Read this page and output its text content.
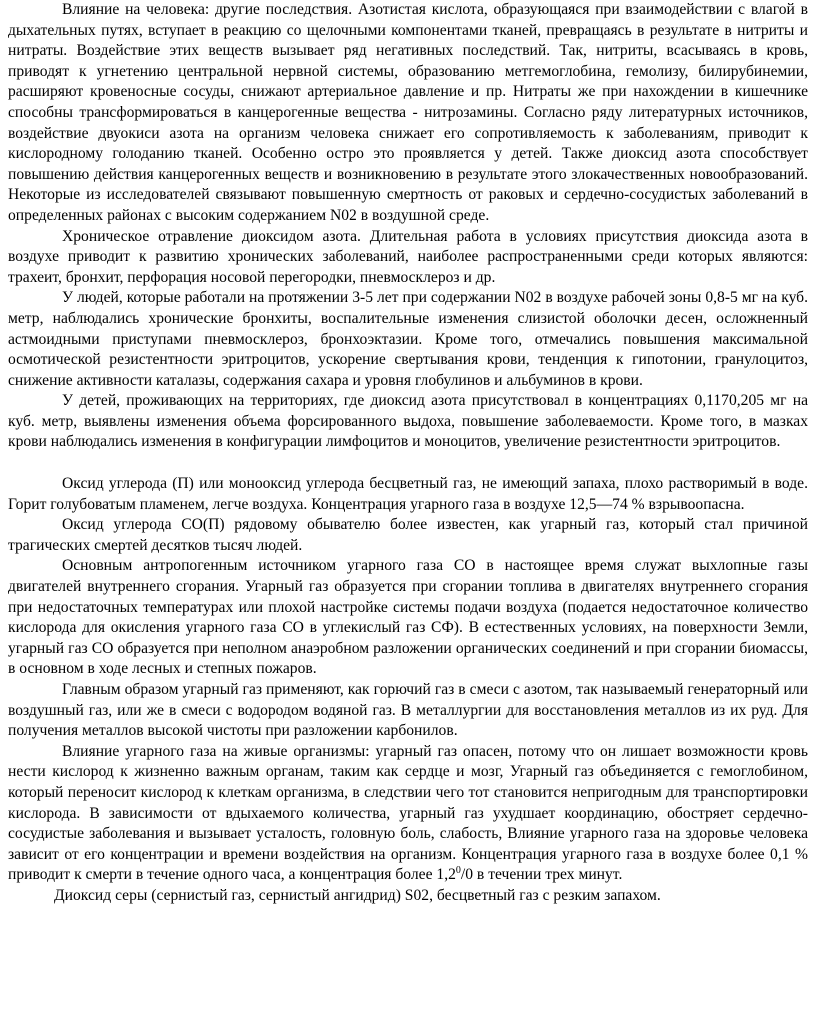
Влияние на человека: другие последствия. Азотистая кислота, образующаяся при взаимодействии с влагой в дыхательных путях, вступает в реакцию со щелочными компонентами тканей, превращаясь в результате в нитриты и нитраты. Воздействие этих веществ вызывает ряд негативных последствий. Так, нитриты, всасываясь в кровь, приводят к угнетению центральной нервной системы, образованию метгемоглобина, гемолизу, билирубинемии, расширяют кровеносные сосуды, снижают артериальное давление и пр. Нитраты же при нахождении в кишечнике способны трансформироваться в канцерогенные вещества - нитрозамины. Согласно ряду литературных источников, воздействие двуокиси азота на организм человека снижает его сопротивляемость к заболеваниям, приводит к кислородному голоданию тканей. Особенно остро это проявляется у детей. Также диоксид азота способствует повышению действия канцерогенных веществ и возникновению в результате этого злокачественных новообразований. Некоторые из исследователей связывают повышенную смертность от раковых и сердечно-сосудистых заболеваний в определенных районах с высоким содержанием N02 в воздушной среде.

Хроническое отравление диоксидом азота. Длительная работа в условиях присутствия диоксида азота в воздухе приводит к развитию хронических заболеваний, наиболее распространенными среди которых являются: трахеит, бронхит, перфорация носовой перегородки, пневмосклероз и др.

У людей, которые работали на протяжении 3-5 лет при содержании N02 в воздухе рабочей зоны 0,8-5 мг на куб. метр, наблюдались хронические бронхиты, воспалительные изменения слизистой оболочки десен, осложненный астмоидными приступами пневмосклероз, бронхоэктазии. Кроме того, отмечались повышения максимальной осмотической резистентности эритроцитов, ускорение свертывания крови, тенденция к гипотонии, гранулоцитоз, снижение активности каталазы, содержания сахара и уровня глобулинов и альбуминов в крови.

У детей, проживающих на территориях, где диоксид азота присутствовал в концентрациях 0,1170,205 мг на куб. метр, выявлены изменения объема форсированного выдоха, повышение заболеваемости. Кроме того, в мазках крови наблюдались изменения в конфигурации лимфоцитов и моноцитов, увеличение резистентности эритроцитов.

Оксид углерода (П) или монооксид углерода бесцветный газ, не имеющий запаха, плохо растворимый в воде. Горит голубоватым пламенем, легче воздуха. Концентрация угарного газа в воздухе 12,5—74 % взрывоопасна.

Оксид углерода СО(П) рядовому обывателю более известен, как угарный газ, который стал причиной трагических смертей десятков тысяч людей.

Основным антропогенным источником угарного газа СО в настоящее время служат выхлопные газы двигателей внутреннего сгорания. Угарный газ образуется при сгорании топлива в двигателях внутреннего сгорания при недостаточных температурах или плохой настройке системы подачи воздуха (подается недостаточное количество кислорода для окисления угарного газа СО в углекислый газ СФ). В естественных условиях, на поверхности Земли, угарный газ СО образуется при неполном анаэробном разложении органических соединений и при сгорании биомассы, в основном в ходе лесных и степных пожаров.

Главным образом угарный газ применяют, как горючий газ в смеси с азотом, так называемый генераторный или воздушный газ, или же в смеси с водородом водяной газ. В металлургии для восстановления металлов из их руд. Для получения металлов высокой чистоты при разложении карбонилов.

Влияние угарного газа на живые организмы: угарный газ опасен, потому что он лишает возможности кровь нести кислород к жизненно важным органам, таким как сердце и мозг, Угарный газ объединяется с гемоглобином, который переносит кислород к клеткам организма, в следствии чего тот становится непригодным для транспортировки кислорода. В зависимости от вдыхаемого количества, угарный газ ухудшает координацию, обостряет сердечно-сосудистые заболевания и вызывает усталость, головную боль, слабость, Влияние угарного газа на здоровье человека зависит от его концентрации и времени воздействия на организм. Концентрация угарного газа в воздухе более 0,1 % приводит к смерти в течение одного часа, а концентрация более $1,2^0/0$ в течении трех минут.

Диоксид серы (сернистый газ, сернистый ангидрид) S02, бесцветный газ с резким запахом.
